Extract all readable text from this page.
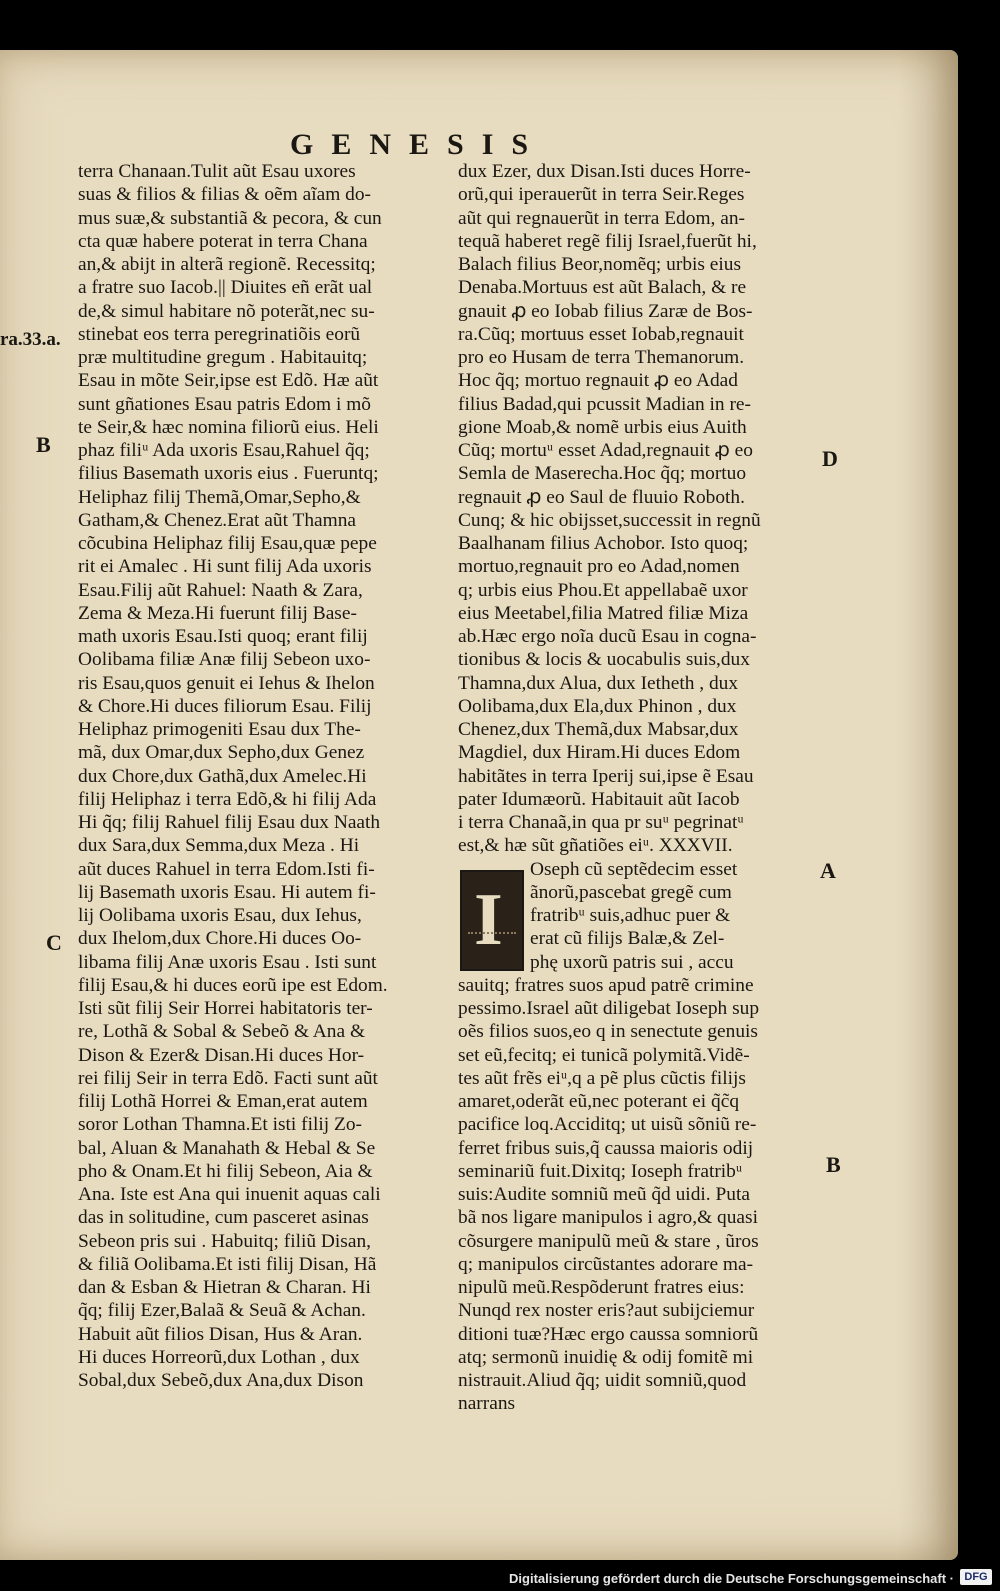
GENESIS
ra.33.a.
B
C
D
A
B
terra Chanaan.Tulit aũt Esau uxores
suas & filios & filias & oẽm aĩam do-
mus suæ,& substantiã & pecora, & cun
cta quæ habere poterat in terra Chana
an,& abijt in alterã regionẽ. Recessitq;
a fratre suo Iacob.|| Diuites eñ erãt ual
de,& simul habitare nõ poterãt,nec su-
stinebat eos terra peregrinatiõis eorũ
præ multitudine gregum . Habitauitq;
Esau in mõte Seir,ipse est Edõ. Hæ aũt
sunt gñationes Esau patris Edom i mõ
te Seir,& hæc nomina filiorũ eius. Heli
phaz filiᵘ Ada uxoris Esau,Rahuel q̃q;
filius Basemath uxoris eius . Fueruntq;
Heliphaz filij Themã,Omar,Sepho,&
Gatham,& Chenez.Erat aũt Thamna
cõcubina Heliphaz filij Esau,quæ pepe
rit ei Amalec . Hi sunt filij Ada uxoris
Esau.Filij aũt Rahuel: Naath & Zara,
Zema & Meza.Hi fuerunt filij Base-
math uxoris Esau.Isti quoq; erant filij
Oolibama filiæ Anæ filij Sebeon uxo-
ris Esau,quos genuit ei Iehus & Ihelon
& Chore.Hi duces filiorum Esau. Filij
Heliphaz primogeniti Esau dux The-
mã, dux Omar,dux Sepho,dux Genez
dux Chore,dux Gathã,dux Amelec.Hi
filij Heliphaz i terra Edõ,& hi filij Ada
Hi q̃q; filij Rahuel filij Esau dux Naath
dux Sara,dux Semma,dux Meza . Hi
aũt duces Rahuel in terra Edom.Isti fi-
lij Basemath uxoris Esau. Hi autem fi-
lij Oolibama uxoris Esau, dux Iehus,
dux Ihelom,dux Chore.Hi duces Oo-
libama filij Anæ uxoris Esau . Isti sunt
filij Esau,& hi duces eorũ ipe est Edom.
Isti sũt filij Seir Horrei habitatoris ter-
re, Lothã & Sobal & Sebeõ & Ana &
Dison & Ezer& Disan.Hi duces Hor-
rei filij Seir in terra Edõ. Facti sunt aũt
filij Lothã Horrei & Eman,erat autem
soror Lothan Thamna.Et isti filij Zo-
bal, Aluan & Manahath & Hebal & Se
pho & Onam.Et hi filij Sebeon, Aia &
Ana. Iste est Ana qui inuenit aquas cali
das in solitudine, cum pasceret asinas
Sebeon pris sui . Habuitq; filiũ Disan,
& filiã Oolibama.Et isti filij Disan, Hã
dan & Esban & Hietran & Charan. Hi
q̃q; filij Ezer,Balaã & Seuã & Achan.
Habuit aũt filios Disan, Hus & Aran.
Hi duces Horreorũ,dux Lothan , dux
Sobal,dux Sebeõ,dux Ana,dux Dison
dux Ezer, dux Disan.Isti duces Horre-
orũ,qui iperauerũt in terra Seir.Reges
aũt qui regnauerũt in terra Edom, an-
tequã haberet regẽ filij Israel,fuerũt hi,
Balach filius Beor,nomẽq; urbis eius
Denaba.Mortuus est aũt Balach, & re
gnauit ꝓ eo Iobab filius Zaræ de Bos-
ra.Cũq; mortuus esset Iobab,regnauit
pro eo Husam de terra Themanorum.
Hoc q̃q; mortuo regnauit ꝓ eo Adad
filius Badad,qui pcussit Madian in re-
gione Moab,& nomẽ urbis eius Auith
Cũq; mortuᵘ esset Adad,regnauit ꝓ eo
Semla de Maserecha.Hoc q̃q; mortuo
regnauit ꝓ eo Saul de fluuio Roboth.
Cunq; & hic obijsset,successit in regnũ
Baalhanam filius Achobor. Isto quoq;
mortuo,regnauit pro eo Adad,nomen
q; urbis eius Phou.Et appellabaẽ uxor
eius Meetabel,filia Matred filiæ Miza
ab.Hæc ergo noĩa ducũ Esau in cogna-
tionibus & locis & uocabulis suis,dux
Thamna,dux Alua, dux Ietheth , dux
Oolibama,dux Ela,dux Phinon , dux
Chenez,dux Themã,dux Mabsar,dux
Magdiel, dux Hiram.Hi duces Edom
habitãtes in terra Iperij sui,ipse ẽ Esau
pater Idumæorũ. Habitauit aũt Iacob
i terra Chanaã,in qua pr suᵘ pegrinatᵘ
est,& hæ sũt gñatiões eiᵘ. XXXVII.
Oseph cũ septẽdecim esset
ãnorũ,pascebat gregẽ cum
fratribᵘ suis,adhuc puer &
erat cũ filijs Balæ,& Zel-
phę uxorũ patris sui , accu
sauitq; fratres suos apud patrẽ crimine
pessimo.Israel aũt diligebat Ioseph sup
oẽs filios suos,eo q in senectute genuis
set eũ,fecitq; ei tunicã polymitã.Vidẽ-
tes aũt frẽs eiᵘ,q a pẽ plus cũctis filijs
amaret,oderãt eũ,nec poterant ei q̃c̃q
pacifice loq.Acciditq; ut uisũ sõniũ re-
ferret fribus suis,q̃ caussa maioris odij
seminariũ fuit.Dixitq; Ioseph fratribᵘ
suis:Audite somniũ meũ q̃d uidi. Puta
bã nos ligare manipulos i agro,& quasi
cõsurgere manipulũ meũ & stare , ũros
q; manipulos circũstantes adorare ma-
nipulũ meũ.Respõderunt fratres eius:
Nunqd rex noster eris?aut subijciemur
ditioni tuæ?Hæc ergo caussa somniorũ
atq; sermonũ inuidię & odij fomitẽ mi
nistrauit.Aliud q̃q; uidit somniũ,quod
narrans
I
Digitalisierung gefördert durch die Deutsche Forschungsgemeinschaft · DFG
